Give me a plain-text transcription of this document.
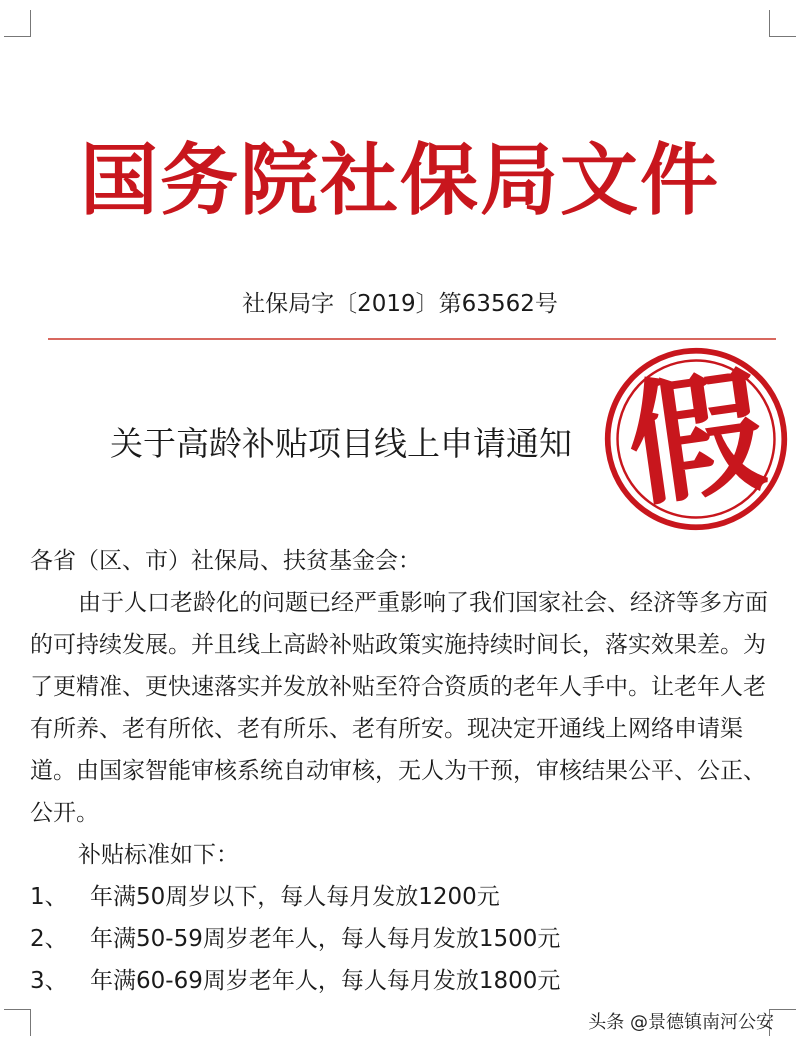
国务院社保局文件
社保局字〔2019〕第63562号
关于高龄补贴项目线上申请通知

各省（区、市）社保局、扶贫基金会：

由于人口老龄化的问题已经严重影响了我们国家社会、经济等多方面的可持续发展。并且线上高龄补贴政策实施持续时间长，落实效果差。为了更精准、更快速落实并发放补贴至符合资质的老年人手中。让老年人老有所养、老有所依、老有所乐、老有所安。现决定开通线上网络申请渠道。由国家智能审核系统自动审核，无人为干预，审核结果公平、公正、公开。

补贴标准如下：

1、 年满50周岁以下，每人每月发放1200元
2、 年满50-59周岁老年人，每人每月发放1500元
3、 年满60-69周岁老年人，每人每月发放1800元
假
头条 @景德镇南河公安
